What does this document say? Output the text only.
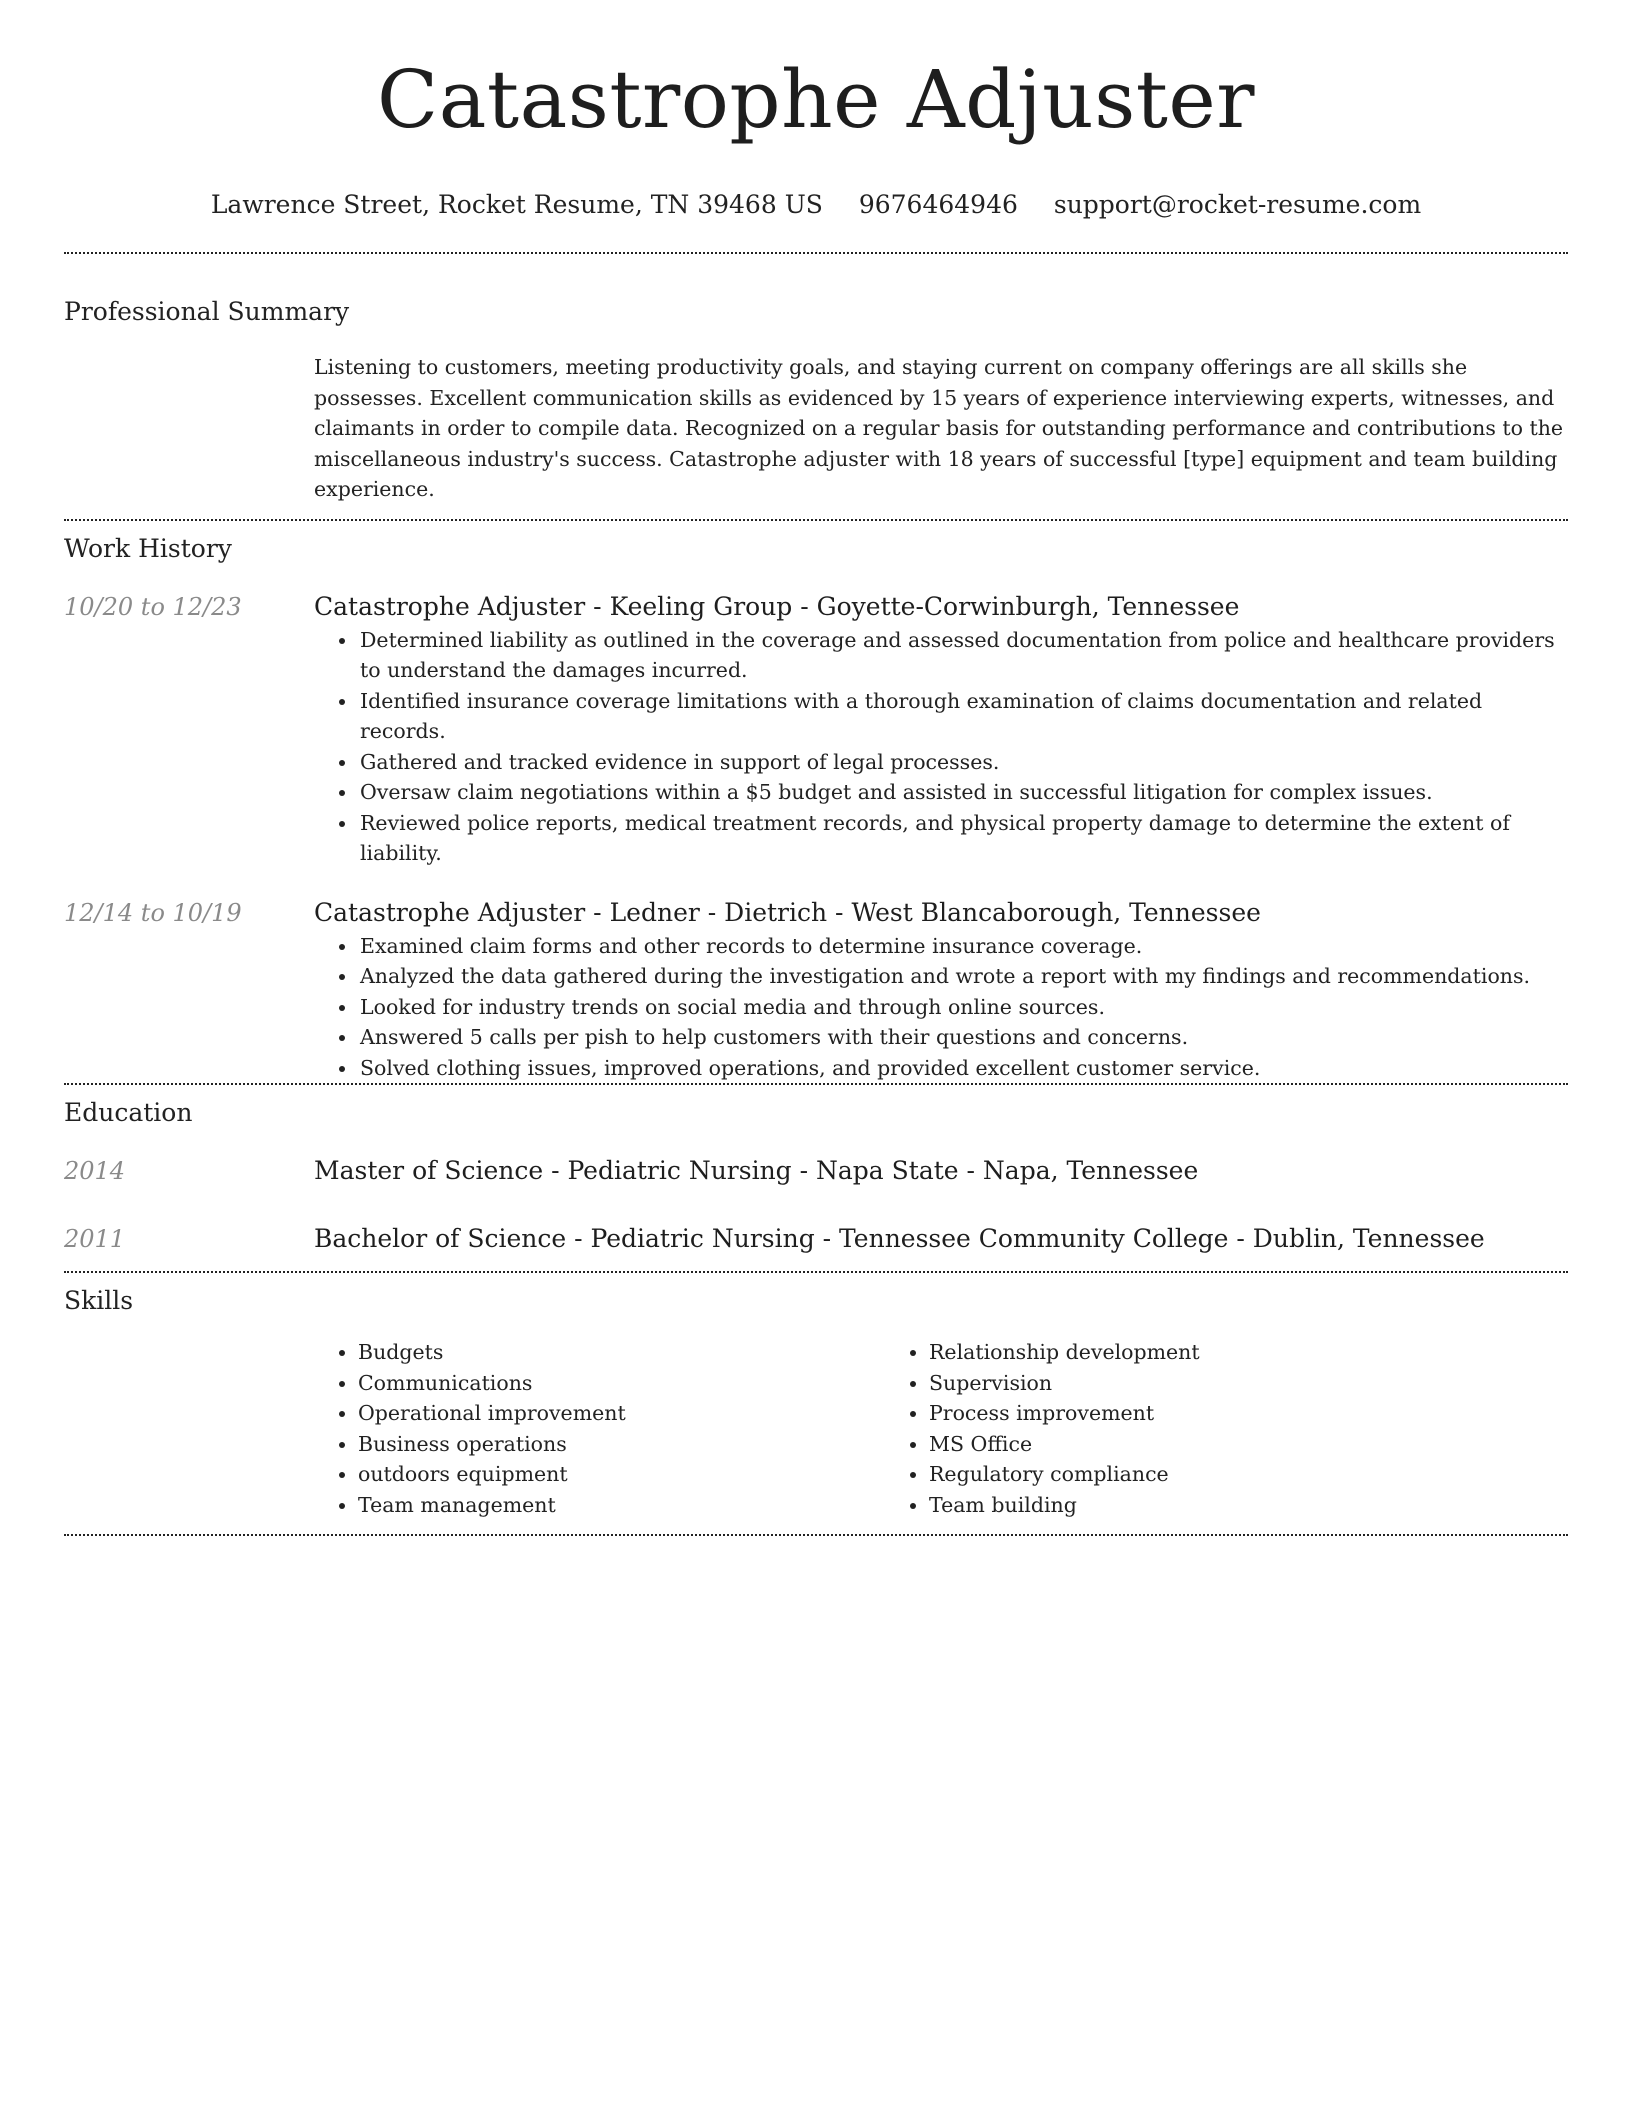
Catastrophe Adjuster
Lawrence Street, Rocket Resume, TN 39468 US 9676464946 support@rocket-resume.com
Professional Summary
Listening to customers, meeting productivity goals, and staying current on company offerings are all skills she possesses. Excellent communication skills as evidenced by 15 years of experience interviewing experts, witnesses, and claimants in order to compile data. Recognized on a regular basis for outstanding performance and contributions to the miscellaneous industry's success. Catastrophe adjuster with 18 years of successful [type] equipment and team building experience.
Work History
10/20 to 12/23	Catastrophe Adjuster - Keeling Group - Goyette-Corwinburgh, Tennessee
• Determined liability as outlined in the coverage and assessed documentation from police and healthcare providers to understand the damages incurred.
• Identified insurance coverage limitations with a thorough examination of claims documentation and related records.
• Gathered and tracked evidence in support of legal processes.
• Oversaw claim negotiations within a $5 budget and assisted in successful litigation for complex issues.
• Reviewed police reports, medical treatment records, and physical property damage to determine the extent of liability.
12/14 to 10/19	Catastrophe Adjuster - Ledner - Dietrich - West Blancaborough, Tennessee
• Examined claim forms and other records to determine insurance coverage.
• Analyzed the data gathered during the investigation and wrote a report with my findings and recommendations.
• Looked for industry trends on social media and through online sources.
• Answered 5 calls per pish to help customers with their questions and concerns.
• Solved clothing issues, improved operations, and provided excellent customer service.
Education
2014	Master of Science - Pediatric Nursing - Napa State - Napa, Tennessee
2011	Bachelor of Science - Pediatric Nursing - Tennessee Community College - Dublin, Tennessee
Skills
• Budgets
• Communications
• Operational improvement
• Business operations
• outdoors equipment
• Team management
• Relationship development
• Supervision
• Process improvement
• MS Office
• Regulatory compliance
• Team building
